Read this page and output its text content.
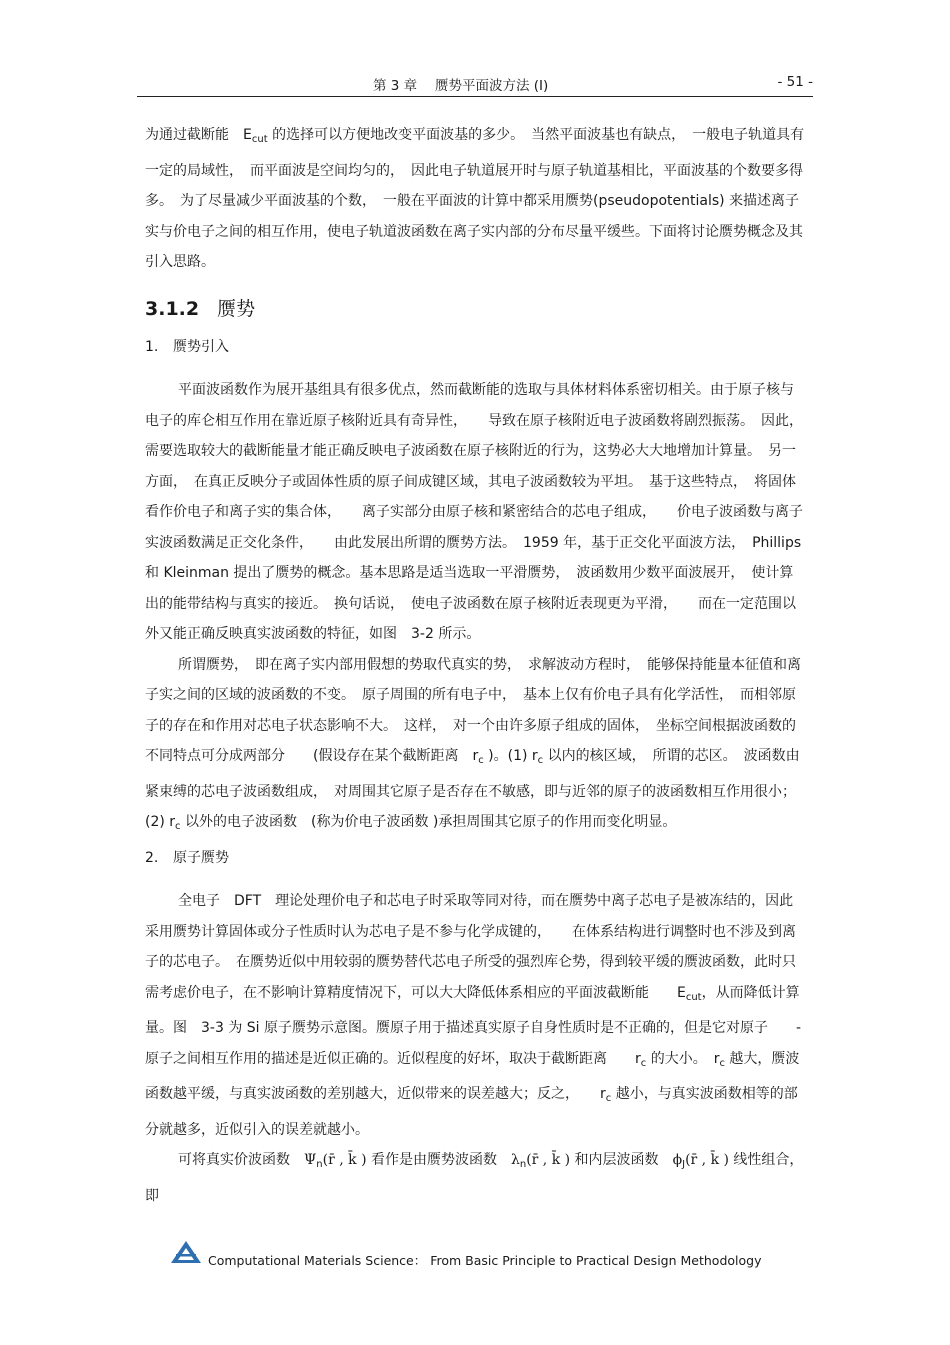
第 3 章　 赝势平面波方法 (I)	- 51 -

为通过截断能　$E_{cut}$ 的选择可以方便地改变平面波基的多少。　当然平面波基也有缺点，　一般电子轨道具有一定的局域性，　而平面波是空间均匀的，　因此电子轨道展开时与原子轨道基相比，平面波基的个数要多得多。　为了尽量减少平面波基的个数，　一般在平面波的计算中都采用赝势(pseudopotentials) 来描述离子实与价电子之间的相互作用，使电子轨道波函数在离子实内部的分布尽量平缓些。下面将讨论赝势概念及其引入思路。

3.1.2 赝势

1. 赝势引入

平面波函数作为展开基组具有很多优点，然而截断能的选取与具体材料体系密切相关。由于原子核与电子的库仑相互作用在靠近原子核附近具有奇异性，　　导致在原子核附近电子波函数将剧烈振荡。　因此，需要选取较大的截断能量才能正确反映电子波函数在原子核附近的行为，这势必大大地增加计算量。　另一方面，　在真正反映分子或固体性质的原子间成键区域，其电子波函数较为平坦。　基于这些特点，　将固体看作价电子和离子实的集合体，　　离子实部分由原子核和紧密结合的芯电子组成，　　价电子波函数与离子实波函数满足正交化条件，　　由此发展出所谓的赝势方法。　1959 年，基于正交化平面波方法，　Phillips 和 Kleinman 提出了赝势的概念。基本思路是适当选取一平滑赝势，　波函数用少数平面波展开，　使计算出的能带结构与真实的接近。　换句话说，　使电子波函数在原子核附近表现更为平滑，　　而在一定范围以外又能正确反映真实波函数的特征，如图　3-2 所示。

所谓赝势，　即在离子实内部用假想的势取代真实的势，　求解波动方程时，　能够保持能量本征值和离子实之间的区域的波函数的不变。　原子周围的所有电子中，　基本上仅有价电子具有化学活性，　而相邻原子的存在和作用对芯电子状态影响不大。　这样，　对一个由许多原子组成的固体，　坐标空间根据波函数的不同特点可分成两部分　　(假设存在某个截断距离　$r_c$ )。(1) $r_c$ 以内的核区域，　所谓的芯区。　波函数由紧束缚的芯电子波函数组成，　对周围其它原子是否存在不敏感，即与近邻的原子的波函数相互作用很小；　　(2) $r_c$ 以外的电子波函数　(称为价电子波函数 )承担周围其它原子的作用而变化明显。

2. 原子赝势

全电子　DFT　理论处理价电子和芯电子时采取等同对待，而在赝势中离子芯电子是被冻结的，因此采用赝势计算固体或分子性质时认为芯电子是不参与化学成键的，　　在体系结构进行调整时也不涉及到离子的芯电子。　在赝势近似中用较弱的赝势替代芯电子所受的强烈库仑势，得到较平缓的赝波函数，此时只需考虑价电子，在不影响计算精度情况下，可以大大降低体系相应的平面波截断能　　$E_{cut}$，从而降低计算量。图　3-3 为 Si 原子赝势示意图。赝原子用于描述真实原子自身性质时是不正确的，但是它对原子　　-原子之间相互作用的描述是近似正确的。近似程度的好坏，取决于截断距离　　$r_c$ 的大小。　$r_c$ 越大，赝波函数越平缓，与真实波函数的差别越大，近似带来的误差越大；反之，　　$r_c$ 越小，与真实波函数相等的部分就越多，近似引入的误差就越小。

可将真实价波函数　$\Psi_n(r̄$ , k̄ ) 看作是由赝势波函数　$\lambda_n(r̄$ , k̄ ) 和内层波函数　$\phi_J(r̄$ , k̄ ) 线性组合，即

Computational Materials Science： From Basic Principle to Practical Design Methodology
